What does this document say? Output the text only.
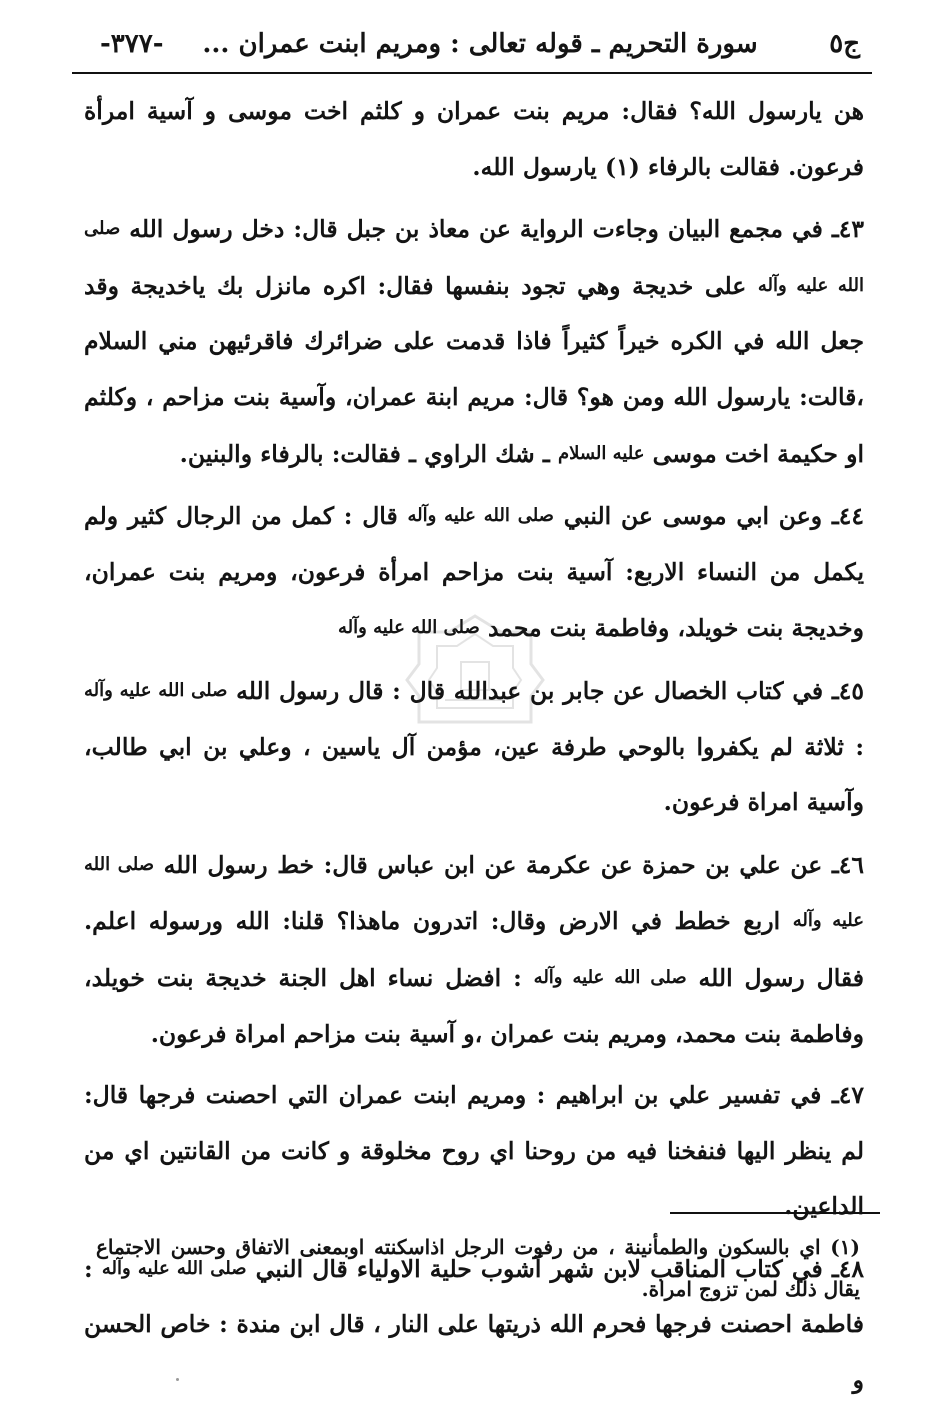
ج٥
سورة التحريم ـ قوله تعالى : ومريم ابنت عمران ...
-٣٧٧-

هن يارسول الله؟ فقال: مريم بنت عمران و كلثم اخت موسى و آسية امرأة فرعون. فقالت بالرفاء (١) يارسول الله.

٤٣ـ في مجمع البيان وجاءت الرواية عن معاذ بن جبل قال: دخل رسول الله صلى الله عليه وآله على خديجة وهي تجود بنفسها فقال: اكره مانزل بك ياخديجة وقد جعل الله في الكره خيراً كثيراً فاذا قدمت على ضرائرك فاقرئيهن مني السلام ،قالت: يارسول الله ومن هو؟ قال: مريم ابنة عمران، وآسية بنت مزاحم ، وكلثم او حكيمة اخت موسى عليه السلام ـ شك الراوي ـ فقالت: بالرفاء والبنين.

٤٤ـ وعن ابي موسى عن النبي صلى الله عليه وآله قال : كمل من الرجال كثير ولم يكمل من النساء الاربع: آسية بنت مزاحم امرأة فرعون، ومريم بنت عمران، وخديجة بنت خويلد، وفاطمة بنت محمد صلى الله عليه وآله

٤٥ـ في كتاب الخصال عن جابر بن عبدالله قال : قال رسول الله صلى الله عليه وآله : ثلاثة لم يكفروا بالوحي طرفة عين، مؤمن آل ياسين ، وعلي بن ابي طالب، وآسية امراة فرعون.

٤٦ـ عن علي بن حمزة عن عكرمة عن ابن عباس قال: خط رسول الله صلى الله عليه وآله اربع خطط في الارض وقال: اتدرون ماهذا؟ قلنا: الله ورسوله اعلم. فقال رسول الله صلى الله عليه وآله : افضل نساء اهل الجنة خديجة بنت خويلد، وفاطمة بنت محمد، ومريم بنت عمران ،و آسية بنت مزاحم امراة فرعون.

٤٧ـ في تفسير علي بن ابراهيم : ومريم ابنت عمران التي احصنت فرجها قال: لم ينظر اليها فنفخنا فيه من روحنا اي روح مخلوقة و كانت من القانتين اي من الداعين.

٤٨ـ في كتاب المناقب لابن شهر آشوب حلية الاولياء قال النبي صلى الله عليه وآله : فاطمة احصنت فرجها فحرم الله ذريتها على النار ، قال ابن مندة : خاص الحسن و

(١) اي بالسكون والطمأنينة ، من رفوت الرجل اذاسكنته اوبمعنى الاتفاق وحسن الاجتماع يقال ذلك لمن تزوج امراة.
